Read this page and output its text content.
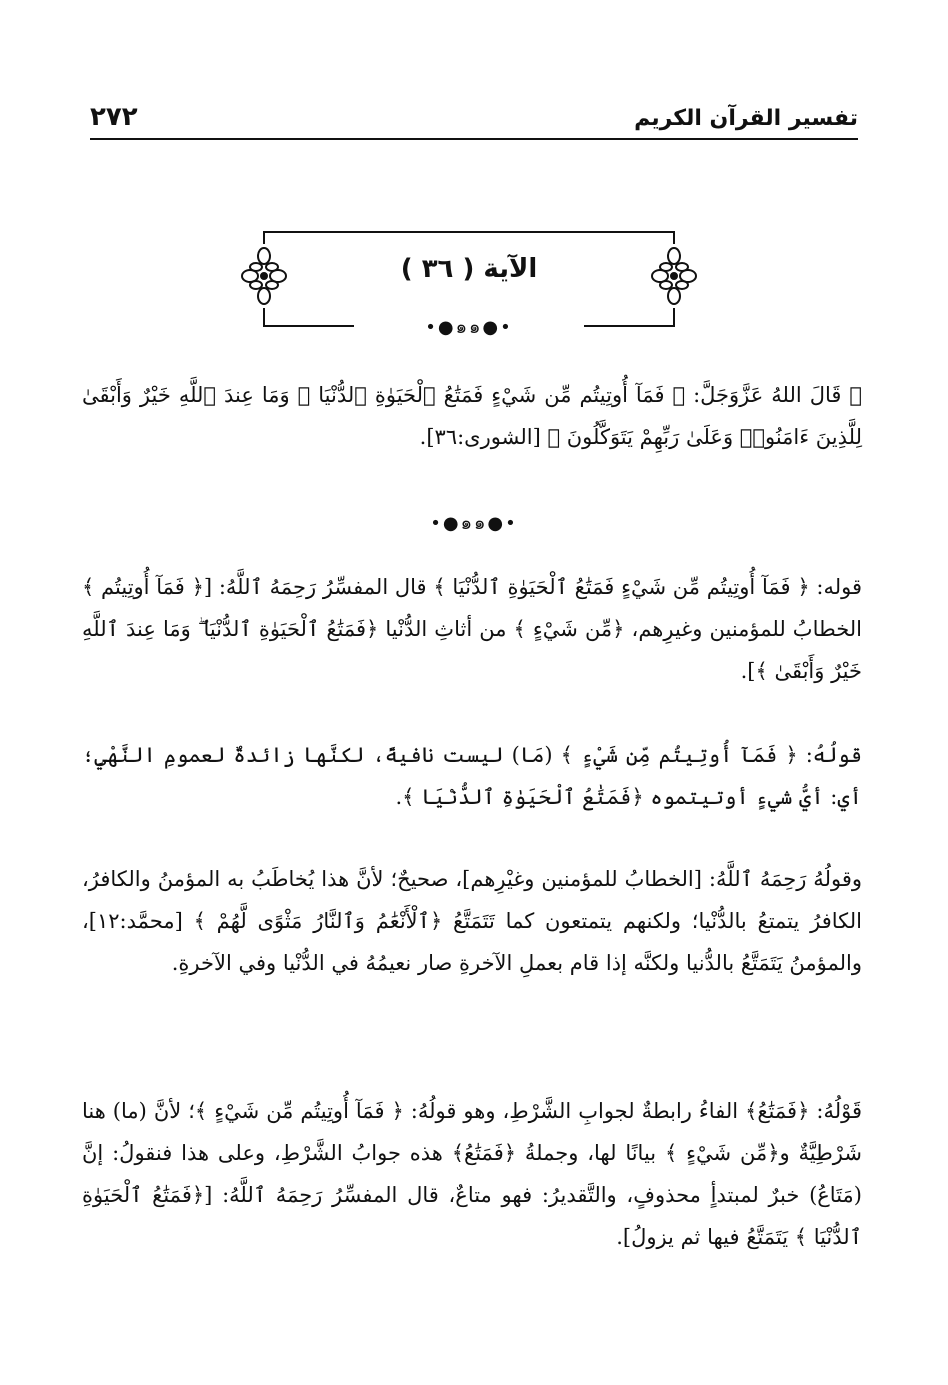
تفسير القرآن الكريم
٢٧٢
الآية ( ٣٦ )
•●๑๑●•

۞ قَالَ اللهُ عَزَّوَجَلَّ: ﴿ فَمَآ أُوتِيتُم مِّن شَيْءٍ فَمَتَٰعُ ٱلْحَيَوٰةِ ٱلدُّنْيَا ۖ وَمَا عِندَ ٱللَّهِ خَيْرٌ وَأَبْقَىٰ لِلَّذِينَ ءَامَنُوا۟ وَعَلَىٰ رَبِّهِمْ يَتَوَكَّلُونَ ﴾ [الشورى:٣٦].

•●๑๑●•

قوله: ﴿ فَمَآ أُوتِيتُم مِّن شَيْءٍ فَمَتَٰعُ ٱلْحَيَوٰةِ ٱلدُّنْيَا ﴾ قال المفسِّرُ رَحِمَهُ ٱللَّهُ: [﴿ فَمَآ أُوتِيتُم ﴾ الخطابُ للمؤمنين وغيرِهم، ﴿مِّن شَيْءٍ ﴾ من أثاثِ الدُّنْيا ﴿فَمَتَٰعُ ٱلْحَيَوٰةِ ٱلدُّنْيَا ۖ وَمَا عِندَ ٱللَّهِ خَيْرٌ وَأَبْقَىٰ ﴾].

قولُهُ: ﴿ فَمَآ أُوتِيتُم مِّن شَيْءٍ ﴾ (مَا) ليست نافيةً، لكنَّها زائدةٌ لعمومِ النَّهْيِ؛ أي: أيُّ شيءٍ أوتيتموه ﴿فَمَتَٰعُ ٱلْحَيَوٰةِ ٱلدُّنْيَا ﴾.

وقولُهُ رَحِمَهُ ٱللَّهُ: [الخطابُ للمؤمنين وغيْرِهم]، صحيحٌ؛ لأنَّ هذا يُخاطَبُ به المؤمنُ والكافرُ، الكافرُ يتمتعُ بالدُّنْيا؛ ولكنهم يتمتعون كما تَتَمَتَّعُ ﴿ٱلْأَنْعَٰمُ وَٱلنَّارُ مَثْوًى لَّهُمْ ﴾ [محمَّد:١٢]، والمؤمنُ يَتَمَتَّعُ بالدُّنيا ولكنَّه إذا قام بعملِ الآخرةِ صار نعيمُهُ في الدُّنْيا وفي الآخرةِ.

قَوْلُهُ: ﴿فَمَتَٰعُ﴾ الفاءُ رابطةٌ لجوابِ الشَّرْطِ، وهو قولُهُ: ﴿ فَمَآ أُوتِيتُم مِّن شَيْءٍ ﴾؛ لأنَّ (ما) هنا شَرْطِيَّةٌ و﴿مِّن شَيْءٍ ﴾ بيانًا لها، وجملةُ ﴿فَمَتَٰعُ﴾ هذه جوابُ الشَّرْطِ، وعلى هذا فنقولُ: إنَّ (مَتَاعُ) خبرٌ لمبتدأٍ محذوفٍ، والتَّقديرُ: فهو متاعٌ، قال المفسِّرُ رَحِمَهُ ٱللَّهُ: [﴿فَمَتَٰعُ ٱلْحَيَوٰةِ ٱلدُّنْيَا ﴾ يَتَمَتَّعُ فيها ثم يزولُ].
